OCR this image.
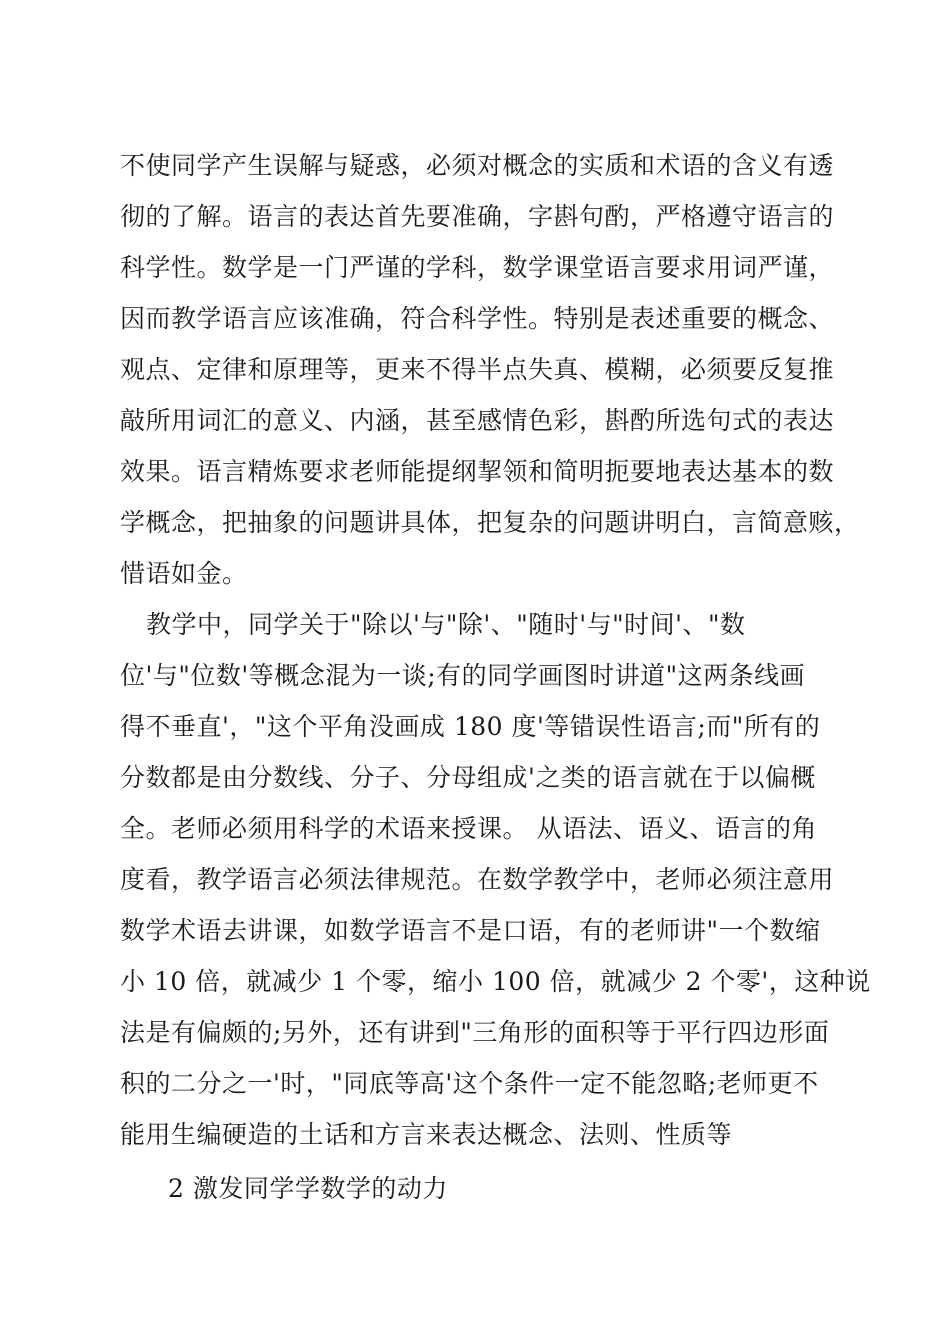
不使同学产生误解与疑惑，必须对概念的实质和术语的含义有透
彻的了解。语言的表达首先要准确，字斟句酌，严格遵守语言的
科学性。数学是一门严谨的学科，数学课堂语言要求用词严谨，
因而教学语言应该准确，符合科学性。特别是表述重要的概念、
观点、定律和原理等，更来不得半点失真、模糊，必须要反复推
敲所用词汇的意义、内涵，甚至感情色彩，斟酌所选句式的表达
效果。语言精炼要求老师能提纲挈领和简明扼要地表达基本的数
学概念，把抽象的问题讲具体，把复杂的问题讲明白，言简意赅，
惜语如金。
教学中，同学关于"除以'与"除'、"随时'与"时间'、"数
位'与"位数'等概念混为一谈;有的同学画图时讲道"这两条线画
得不垂直'，"这个平角没画成 180 度'等错误性语言;而"所有的
分数都是由分数线、分子、分母组成'之类的语言就在于以偏概
全。老师必须用科学的术语来授课。 从语法、语义、语言的角
度看，教学语言必须法律规范。在数学教学中，老师必须注意用
数学术语去讲课，如数学语言不是口语，有的老师讲"一个数缩
小 10 倍，就减少 1 个零，缩小 100 倍，就减少 2 个零'，这种说
法是有偏颇的;另外，还有讲到"三角形的面积等于平行四边形面
积的二分之一'时，"同底等高'这个条件一定不能忽略;老师更不
能用生编硬造的土话和方言来表达概念、法则、性质等
2 激发同学学数学的动力
